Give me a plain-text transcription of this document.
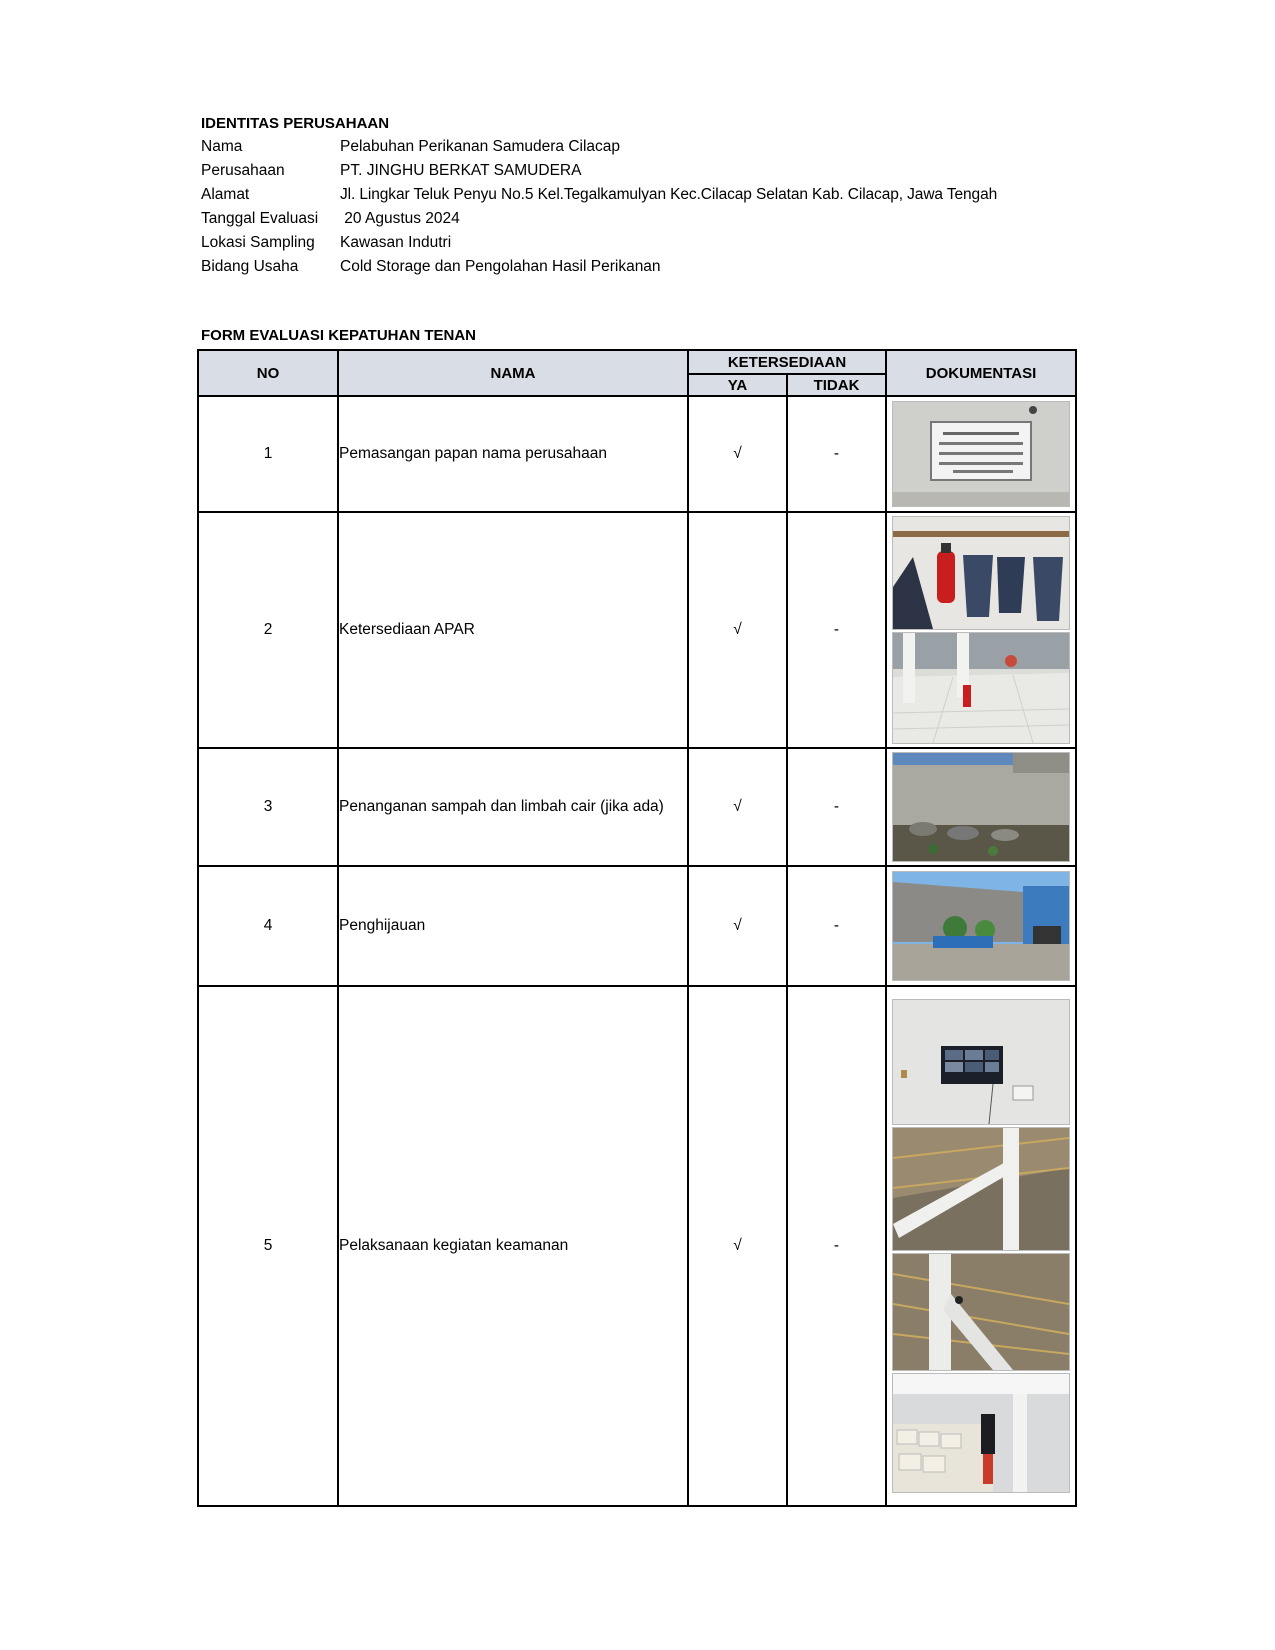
IDENTITAS PERUSAHAAN
Nama	Pelabuhan Perikanan Samudera Cilacap
Perusahaan	PT. JINGHU BERKAT SAMUDERA
Alamat	Jl. Lingkar Teluk Penyu No.5 Kel.Tegalkamulyan Kec.Cilacap Selatan Kab. Cilacap, Jawa Tengah
Tanggal Evaluasi 20 Agustus 2024
Lokasi Sampling Kawasan Indutri
Bidang Usaha	Cold Storage dan Pengolahan Hasil Perikanan
FORM EVALUASI KEPATUHAN TENAN
NO	NAMA	KETERSEDIAAN		DOKUMENTASI
		YA	TIDAK	
1	Pemasangan papan nama perusahaan	√	-	

2	Ketersediaan APAR	√	-	

3	Penanganan sampah dan limbah cair (jika ada)	√	-	

4	Penghijauan	√	-	

5	Pelaksanaan kegiatan keamanan	√	-	
